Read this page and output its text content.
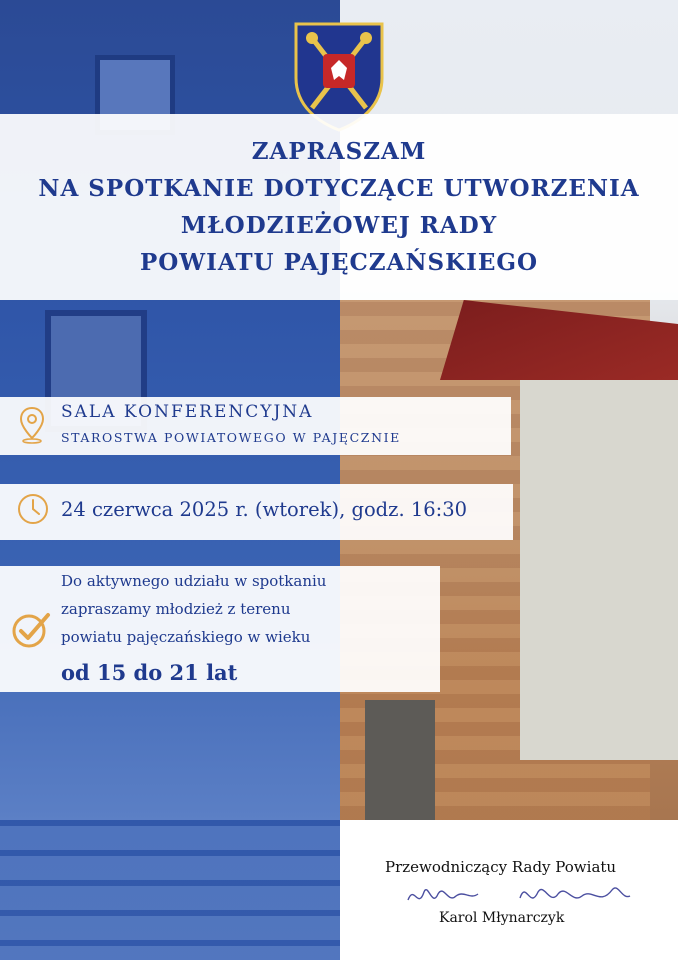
ZAPRASZAM
NA SPOTKANIE DOTYCZĄCE UTWORZENIA
MŁODZIEŻOWEJ RADY
POWIATU PAJĘCZAŃSKIEGO
SALA KONFERENCYJNA
STAROSTWA POWIATOWEGO W PAJĘCZNIE
24 czerwca 2025 r. (wtorek), godz. 16:30
Do aktywnego udziału w spotkaniu
zapraszamy młodzież z terenu
powiatu pajęczańskiego w wieku
od 15 do 21 lat
Przewodniczący Rady Powiatu
Karol Młynarczyk
